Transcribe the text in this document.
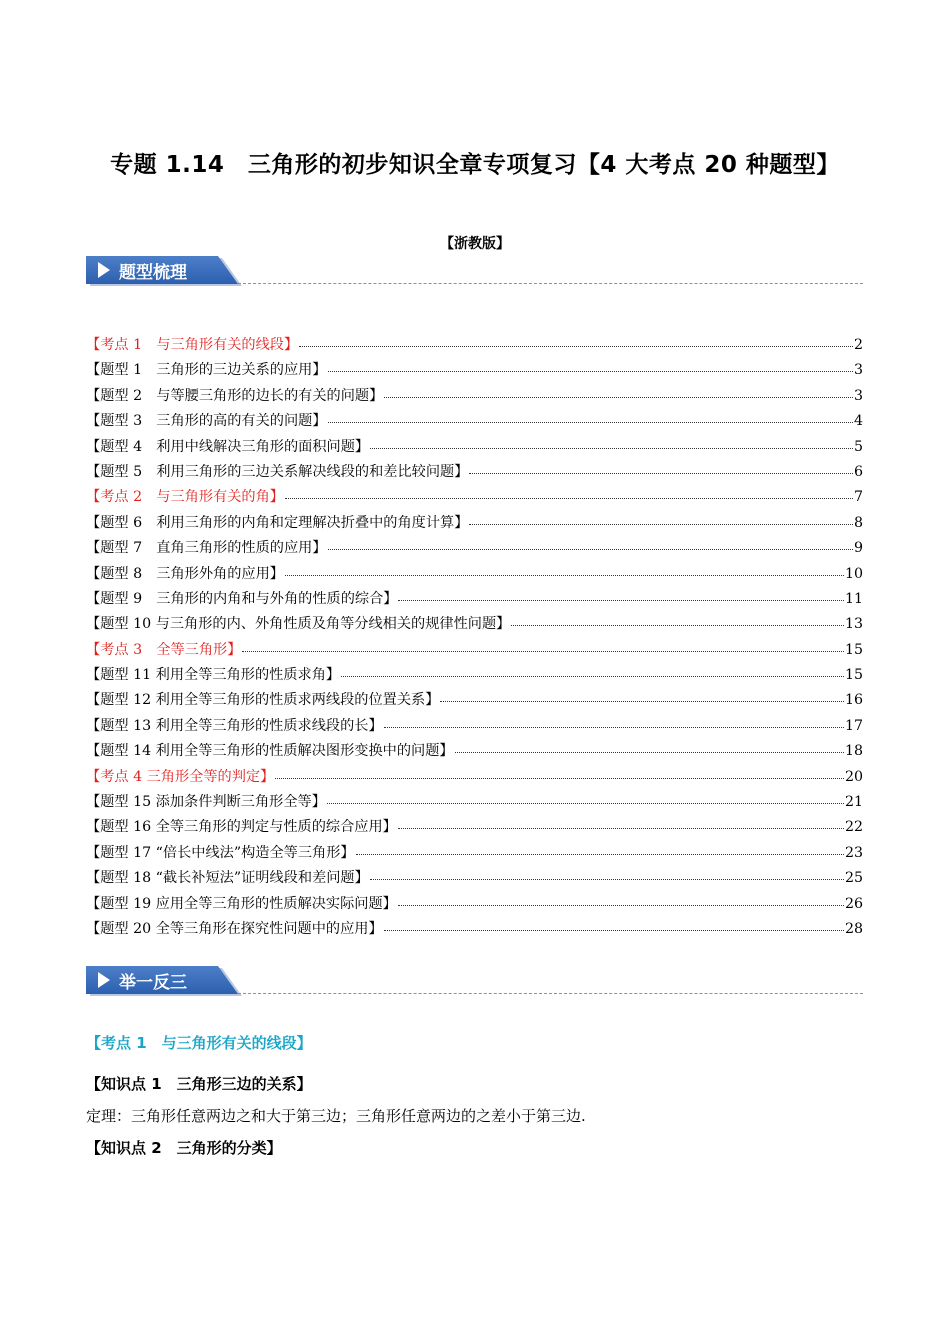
专题 1.14　三角形的初步知识全章专项复习【4 大考点 20 种题型】
【浙教版】
题型梳理
【考点 1　与三角形有关的线段】	2
【题型 1　三角形的三边关系的应用】	3
【题型 2　与等腰三角形的边长的有关的问题】	3
【题型 3　三角形的高的有关的问题】	4
【题型 4　利用中线解决三角形的面积问题】	5
【题型 5　利用三角形的三边关系解决线段的和差比较问题】	6
【考点 2　与三角形有关的角】	7
【题型 6　利用三角形的内角和定理解决折叠中的角度计算】	8
【题型 7　直角三角形的性质的应用】	9
【题型 8　三角形外角的应用】	10
【题型 9　三角形的内角和与外角的性质的综合】	11
【题型 10 与三角形的内、外角性质及角等分线相关的规律性问题】	13
【考点 3　全等三角形】	15
【题型 11 利用全等三角形的性质求角】	15
【题型 12 利用全等三角形的性质求两线段的位置关系】	16
【题型 13 利用全等三角形的性质求线段的长】	17
【题型 14 利用全等三角形的性质解决图形变换中的问题】	18
【考点 4 三角形全等的判定】	20
【题型 15 添加条件判断三角形全等】	21
【题型 16 全等三角形的判定与性质的综合应用】	22
【题型 17 “倍长中线法”构造全等三角形】	23
【题型 18 “截长补短法”证明线段和差问题】	25
【题型 19 应用全等三角形的性质解决实际问题】	26
【题型 20 全等三角形在探究性问题中的应用】	28
举一反三
【考点 1　与三角形有关的线段】
【知识点 1　三角形三边的关系】
定理：三角形任意两边之和大于第三边；三角形任意两边的之差小于第三边.
【知识点 2　三角形的分类】
